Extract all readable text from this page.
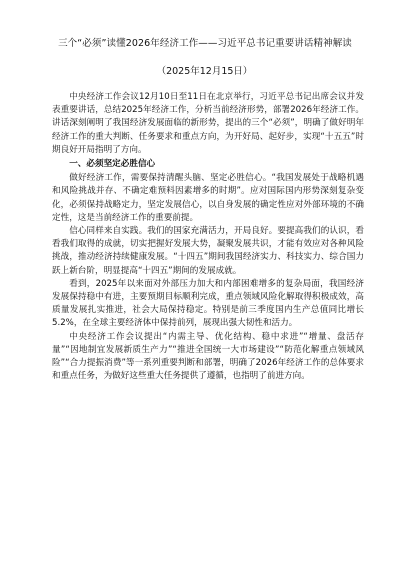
三个“必须”读懂2026年经济工作——习近平总书记重要讲话精神解读
（2025年12月15日）

中央经济工作会议12月10日至11日在北京举行，习近平总书记出席会议并发表重要讲话，总结2025年经济工作，分析当前经济形势，部署2026年经济工作。讲话深刻阐明了我国经济发展面临的新形势，提出的三个“必须”，明确了做好明年经济工作的重大判断、任务要求和重点方向，为开好局、起好步，实现“十五五”时期良好开局指明了方向。

一、必须坚定必胜信心

做好经济工作，需要保持清醒头脑、坚定必胜信心。“我国发展处于战略机遇和风险挑战并存、不确定难预料因素增多的时期”。应对国际国内形势深刻复杂变化，必须保持战略定力，坚定发展信心，以自身发展的确定性应对外部环境的不确定性，这是当前经济工作的重要前提。

信心同样来自实践。我们的国家充满活力，开局良好。要提高我们的认识，看看我们取得的成就，切实把握好发展大势，凝聚发展共识，才能有效应对各种风险挑战，推动经济持续健康发展。“十四五”期间我国经济实力、科技实力、综合国力跃上新台阶，明显提高“十四五”期间的发展成就。

看到，2025年以来面对外部压力加大和内部困难增多的复杂局面，我国经济发展保持稳中有进，主要预期目标顺利完成，重点领域风险化解取得积极成效，高质量发展扎实推进，社会大局保持稳定。特别是前三季度国内生产总值同比增长5.2%，在全球主要经济体中保持前列，展现出强大韧性和活力。

中央经济工作会议提出“内需主导、优化结构、稳中求进”“增量、盘活存量”“因地制宜发展新质生产力”“推进全国统一大市场建设”“防范化解重点领域风险”“合力提振消费”等一系列重要判断和部署，明确了2026年经济工作的总体要求和重点任务，为做好这些重大任务提供了遵循，也指明了前进方向。
